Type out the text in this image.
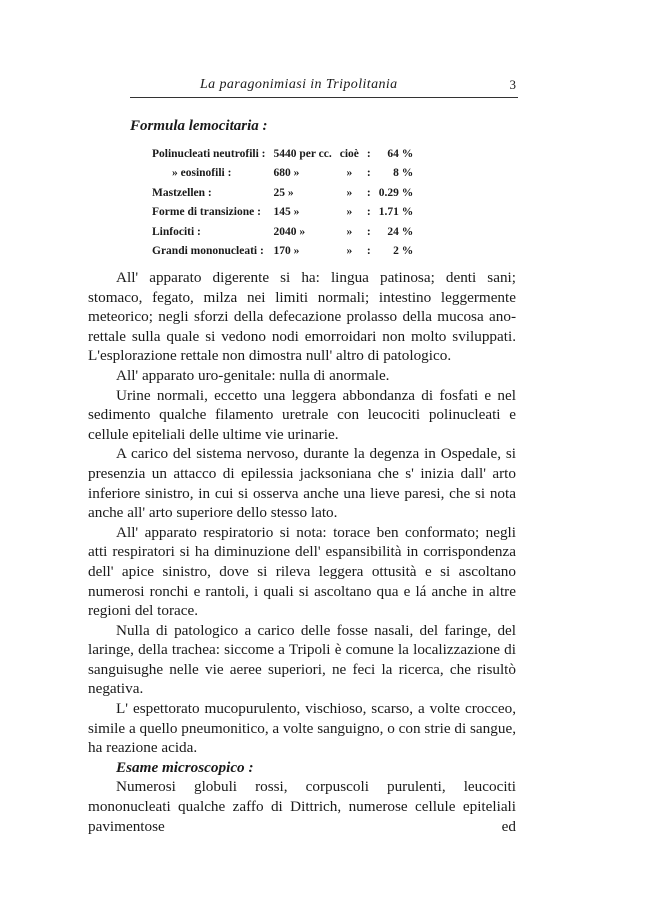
La paragonimiasi in Tripolitania	3
Formula lemocitaria :
Polinucleati neutrofili :	5440 per cc.	cioè	:	64 %
» eosinofili :	680 »	»	:	8 %
Mastzellen :	25 »	»	:	0.29 %
Forme di transizione :	145 »	»	:	1.71 %
Linfociti :	2040 »	»	:	24 %
Grandi mononucleati :	170 »	»	:	2 %

All' apparato digerente si ha: lingua patinosa; denti sani; stomaco, fegato, milza nei limiti normali; intestino leggermente meteorico; negli sforzi della defecazione prolasso della mucosa ano-rettale sulla quale si vedono nodi emorroidari non molto sviluppati. L'esplorazione rettale non dimostra null' altro di patologico.

All' apparato uro-genitale: nulla di anormale.

Urine normali, eccetto una leggera abbondanza di fosfati e nel sedimento qualche filamento uretrale con leucociti polinucleati e cellule epiteliali delle ultime vie urinarie.

A carico del sistema nervoso, durante la degenza in Ospedale, si presenzia un attacco di epilessia jacksoniana che s' inizia dall' arto inferiore sinistro, in cui si osserva anche una lieve paresi, che si nota anche all' arto superiore dello stesso lato.

All' apparato respiratorio si nota: torace ben conformato; negli atti respiratori si ha diminuzione dell' espansibilità in corrispondenza dell' apice sinistro, dove si rileva leggera ottusità e si ascoltano numerosi ronchi e rantoli, i quali si ascoltano qua e lá anche in altre regioni del torace.

Nulla di patologico a carico delle fosse nasali, del faringe, del laringe, della trachea: siccome a Tripoli è comune la localizzazione di sanguisughe nelle vie aeree superiori, ne feci la ricerca, che risultò negativa.

L' espettorato mucopurulento, vischioso, scarso, a volte crocceo, simile a quello pneumonitico, a volte sanguigno, o con strie di sangue, ha reazione acida.

Esame microscopico :

Numerosi globuli rossi, corpuscoli purulenti, leucociti mononucleati qualche zaffo di Dittrich, numerose cellule epiteliali pavimentose ed
